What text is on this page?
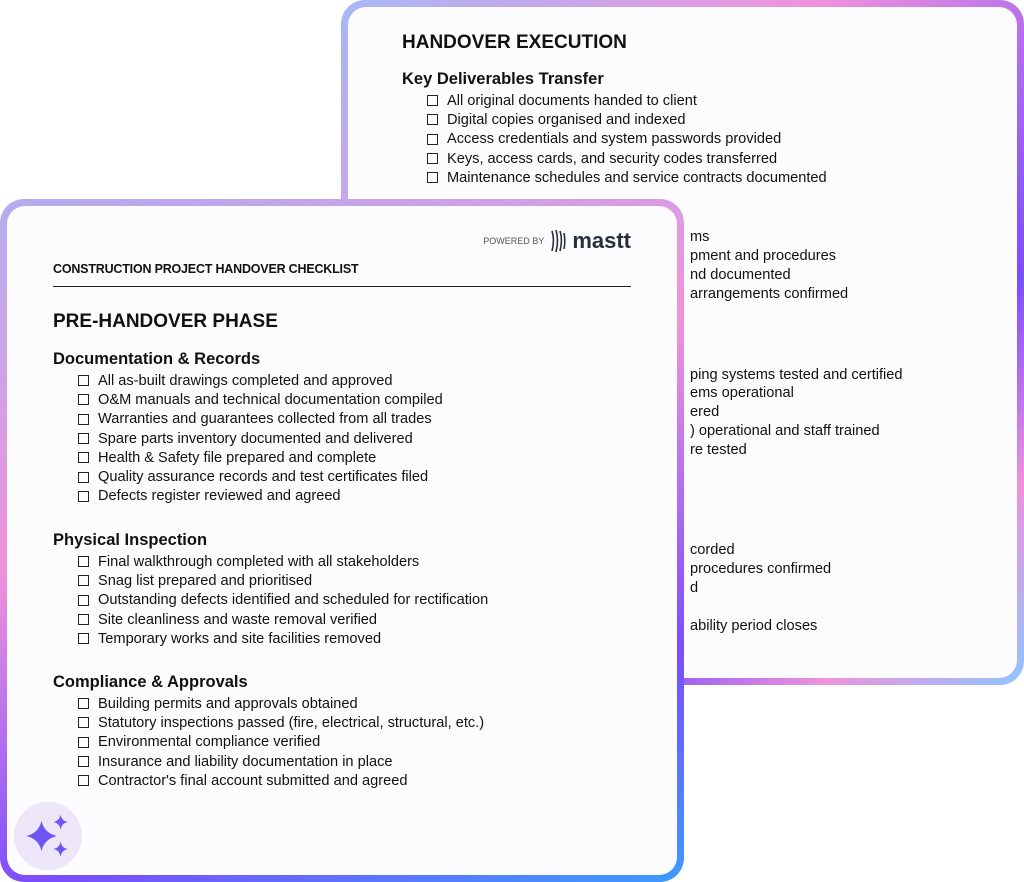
HANDOVER EXECUTION
Key Deliverables Transfer
All original documents handed to client
Digital copies organised and indexed
Access credentials and system passwords provided
Keys, access cards, and security codes transferred
Maintenance schedules and service contracts documented
ms
pment and procedures
nd documented
arrangements confirmed
ping systems tested and certified
ems operational
ered
) operational and staff trained
re tested
corded
procedures confirmed
d
ability period closes
POWERED BY mastt
CONSTRUCTION PROJECT HANDOVER CHECKLIST
PRE-HANDOVER PHASE
Documentation & Records
All as-built drawings completed and approved
O&M manuals and technical documentation compiled
Warranties and guarantees collected from all trades
Spare parts inventory documented and delivered
Health & Safety file prepared and complete
Quality assurance records and test certificates filed
Defects register reviewed and agreed
Physical Inspection
Final walkthrough completed with all stakeholders
Snag list prepared and prioritised
Outstanding defects identified and scheduled for rectification
Site cleanliness and waste removal verified
Temporary works and site facilities removed
Compliance & Approvals
Building permits and approvals obtained
Statutory inspections passed (fire, electrical, structural, etc.)
Environmental compliance verified
Insurance and liability documentation in place
Contractor's final account submitted and agreed
